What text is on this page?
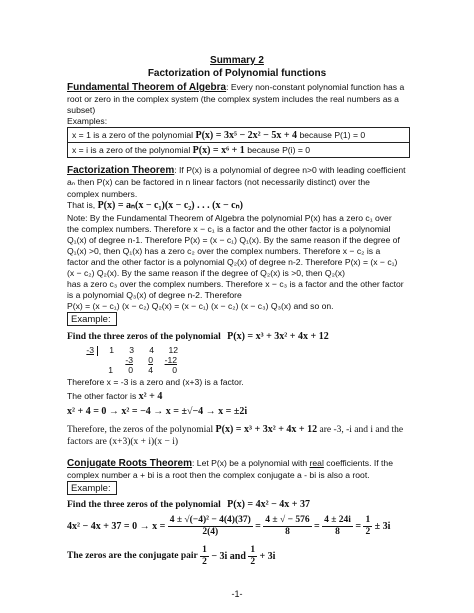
Summary 2
Factorization of Polynomial functions
Fundamental Theorem of Algebra: Every non-constant polynomial function has a
root or zero in the complex system (the complex system includes the real numbers as a
subset)
Examples:
x = 1 is a zero of the polynomial P(x) = 3x⁵ − 2x² − 5x + 4 because P(1) = 0
x = i is a zero of the polynomial P(x) = x⁶ + 1 because P(i) = 0
Factorization Theorem: If P(x) is a polynomial of degree n>0 with leading coefficient
aₙ then P(x) can be factored in n linear factors (not necessarily distinct) over the
complex numbers.
That is, P(x) = aₙ(x − c₁)(x − c₂) . . . (x − cₙ)
Note: By the Fundamental Theorem of Algebra the polynomial P(x) has a zero c₁ over
the complex numbers. Therefore x − c₁ is a factor and the other factor is a polynomial
Q₁(x) of degree n-1. Therefore P(x) = (x − c₁) Q₁(x). By the same reason if the degree of
Q₁(x) >0, then Q₁(x) has a zero c₂ over the complex numbers. Therefore x − c₂ is a
factor and the other factor is a polynomial Q₂(x) of degree n-2. Therefore P(x) = (x − c₁)
(x − c₂) Q₂(x). By the same reason if the degree of Q₂(x) is >0, then Q₂(x)
has a zero c₃ over the complex numbers. Therefore x − c₃ is a factor and the other factor
is a polynomial Q₃(x) of degree n-2. Therefore
P(x) = (x − c₁) (x − c₂) Q₂(x) = (x − c₁) (x − c₂) (x − c₃) Q₃(x) and so on.
Example:
Find the three zeros of the polynomial P(x) = x³ + 3x² + 4x + 12
-3 1 3 4 12
-3 0 -12
1 0 4 0
Therefore x = -3 is a zero and (x+3) is a factor.
The other factor is x² + 4
x² + 4 = 0 → x² = −4 → x = ±√−4 → x = ±2i
Therefore, the zeros of the polynomial P(x) = x³ + 3x² + 4x + 12 are -3, -i and i and the
factors are (x+3)(x + i)(x − i)
Conjugate Roots Theorem: Let P(x) be a polynomial with real coefficients. If the
complex number a + bi is a root then the complex conjugate a - bi is also a root.
Example:
Find the three zeros of the polynomial P(x) = 4x² − 4x + 37
$4x^2 - 4x + 37 = 0 \to x = \frac{\text{4 ± √(−4)² − 4(4)(37)}}{2(4)} = \frac{4 \pm √ - 576}{8} = \frac{4 \pm 24i}{8} = \frac{1}{2} \pm 3i$
The zeros are the conjugate pair $\frac{1}{2} - 3i$ and $\frac{1}{2} + 3i$
-1-
